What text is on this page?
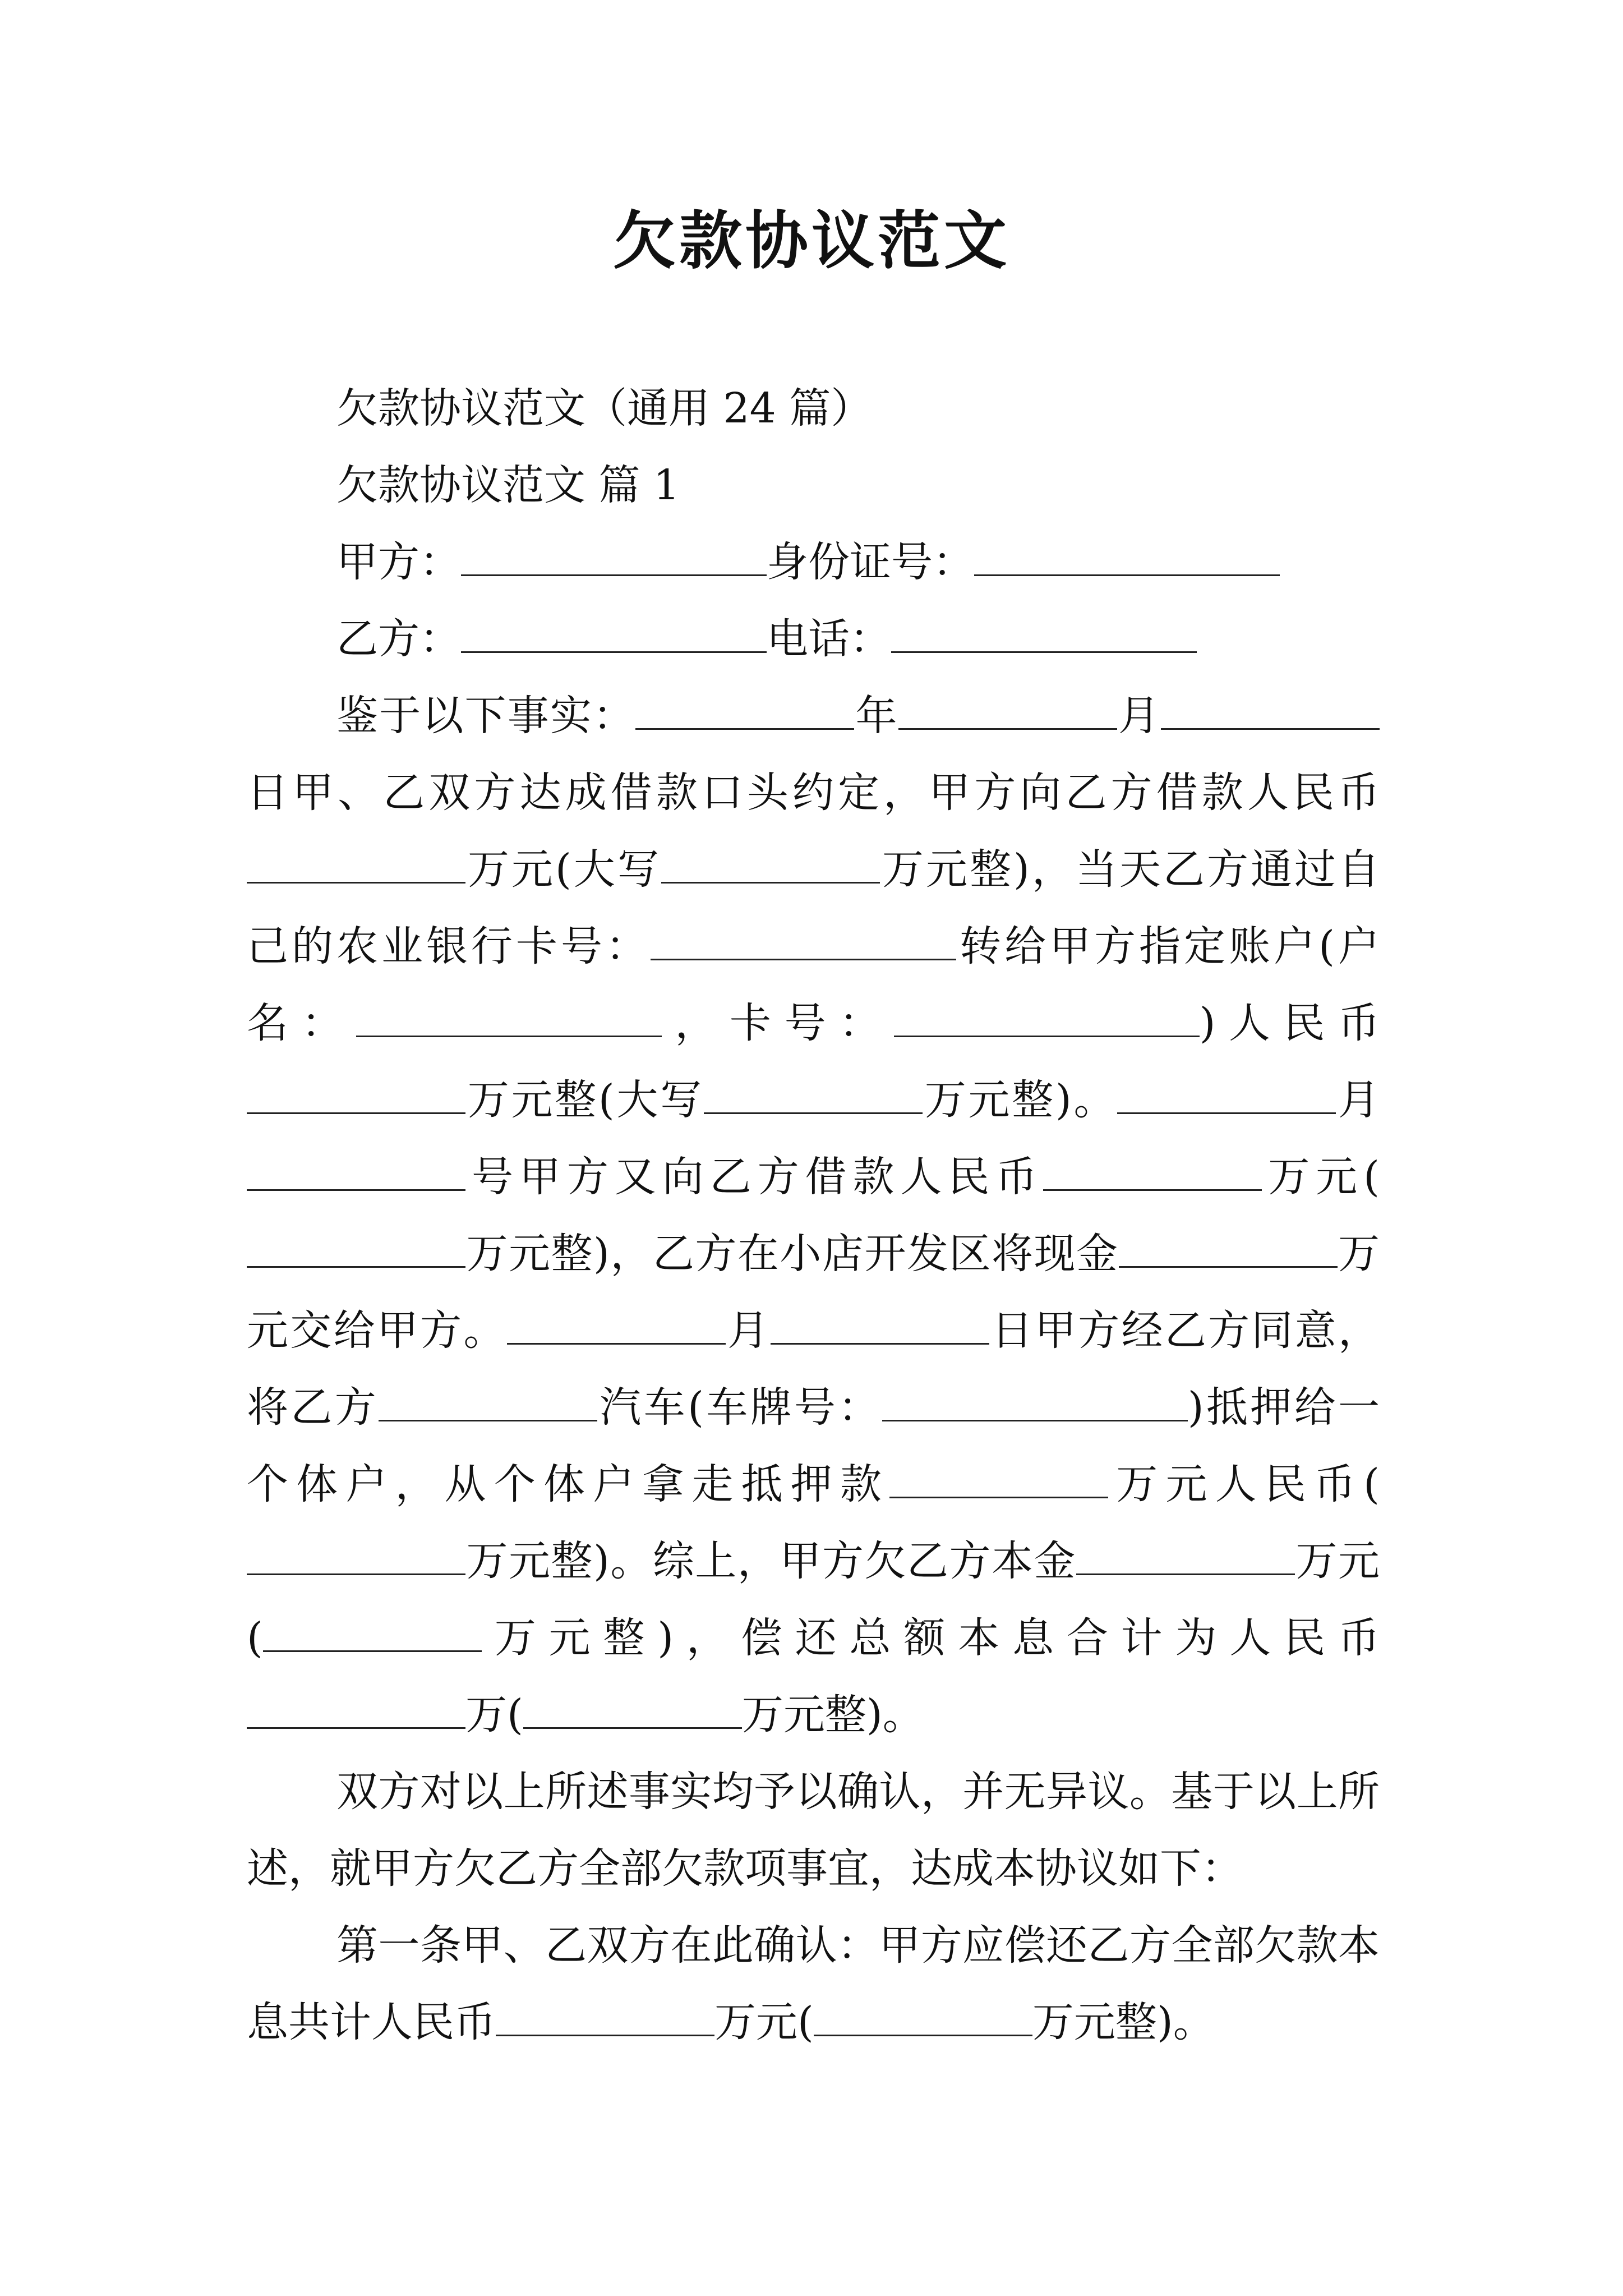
欠款协议范文

欠款协议范文（通用 24 篇）

欠款协议范文 篇 1

甲方：	身份证号：

乙方：	电话：

鉴于以下事实：	年	月日甲、乙双方达成借款口头约定，甲方向乙方借款人民币万元(大写	万元整)，当天乙方通过自己的农业银行卡号：	转给甲方指定账户(户名：	，卡号：	)人民币万元整(大写	万元整)。	月号甲方又向乙方借款人民币	万元(万元整)，乙方在小店开发区将现金	万元交给甲方。	月	日甲方经乙方同意，将乙方	汽车(车牌号：	)抵押给一个体户，从个体户拿走抵押款	万元人民币(万元整)。综上，甲方欠乙方本金	万元(	万元整)，偿还总额本息合计为人民币万(	万元整)。

双方对以上所述事实均予以确认，并无异议。基于以上所述，就甲方欠乙方全部欠款项事宜，达成本协议如下：

第一条甲、乙双方在此确认：甲方应偿还乙方全部欠款本息共计人民币	万元(	万元整)。
